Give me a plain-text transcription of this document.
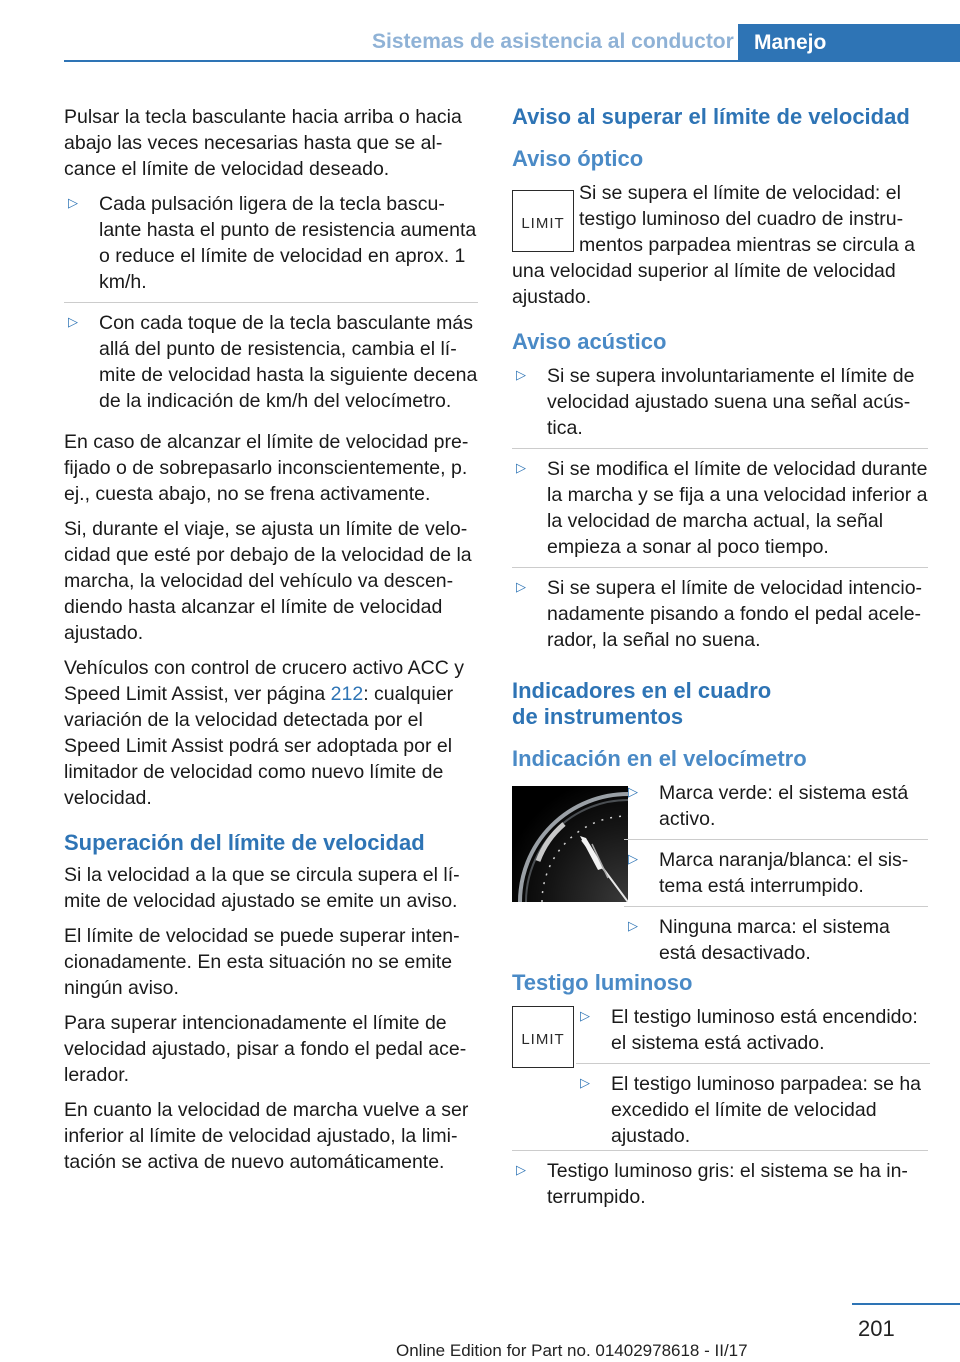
Sistemas de asistencia al conductor Manejo

Pulsar la tecla basculante hacia arriba o hacia abajo las veces necesarias hasta que se alcance el límite de velocidad deseado.

▷ Cada pulsación ligera de la tecla basculante hasta el punto de resistencia aumenta o reduce el límite de velocidad en aprox. 1 km/h.
▷ Con cada toque de la tecla basculante más allá del punto de resistencia, cambia el límite de velocidad hasta la siguiente decena de la indicación de km/h del velocímetro.

En caso de alcanzar el límite de velocidad prefijado o de sobrepasarlo inconscientemente, p. ej., cuesta abajo, no se frena activamente.

Si, durante el viaje, se ajusta un límite de velocidad que esté por debajo de la velocidad de la marcha, la velocidad del vehículo va descendiendo hasta alcanzar el límite de velocidad ajustado.

Vehículos con control de crucero activo ACC y Speed Limit Assist, ver página 212: cualquier variación de la velocidad detectada por el Speed Limit Assist podrá ser adoptada por el limitador de velocidad como nuevo límite de velocidad.

Superación del límite de velocidad

Si la velocidad a la que se circula supera el límite de velocidad ajustado se emite un aviso.

El límite de velocidad se puede superar intencionadamente. En esta situación no se emite ningún aviso.

Para superar intencionadamente el límite de velocidad ajustado, pisar a fondo el pedal acelerador.

En cuanto la velocidad de marcha vuelve a ser inferior al límite de velocidad ajustado, la limitación se activa de nuevo automáticamente.

Aviso al superar el límite de velocidad
Aviso óptico
LIMIT

Si se supera el límite de velocidad: el testigo luminoso del cuadro de instrumentos parpadea mientras se circula a

una velocidad superior al límite de velocidad ajustado.

Aviso acústico
▷ Si se supera involuntariamente el límite de velocidad ajustado suena una señal acústica.
▷ Si se modifica el límite de velocidad durante la marcha y se fija a una velocidad inferior a la velocidad de marcha actual, la señal empieza a sonar al poco tiempo.
▷ Si se supera el límite de velocidad intencionadamente pisando a fondo el pedal acelerador, la señal no suena.
Indicadores en el cuadro de instrumentos
Indicación en el velocímetro
▷ Marca verde: el sistema está activo.
▷ Marca naranja/blanca: el sistema está interrumpido.
▷ Ninguna marca: el sistema está desactivado.
Testigo luminoso
LIMIT
▷ El testigo luminoso está encendido: el sistema está activado.
▷ El testigo luminoso parpadea: se ha excedido el límite de velocidad ajustado.
▷ Testigo luminoso gris: el sistema se ha interrumpido.
201
Online Edition for Part no. 01402978618 - II/17
